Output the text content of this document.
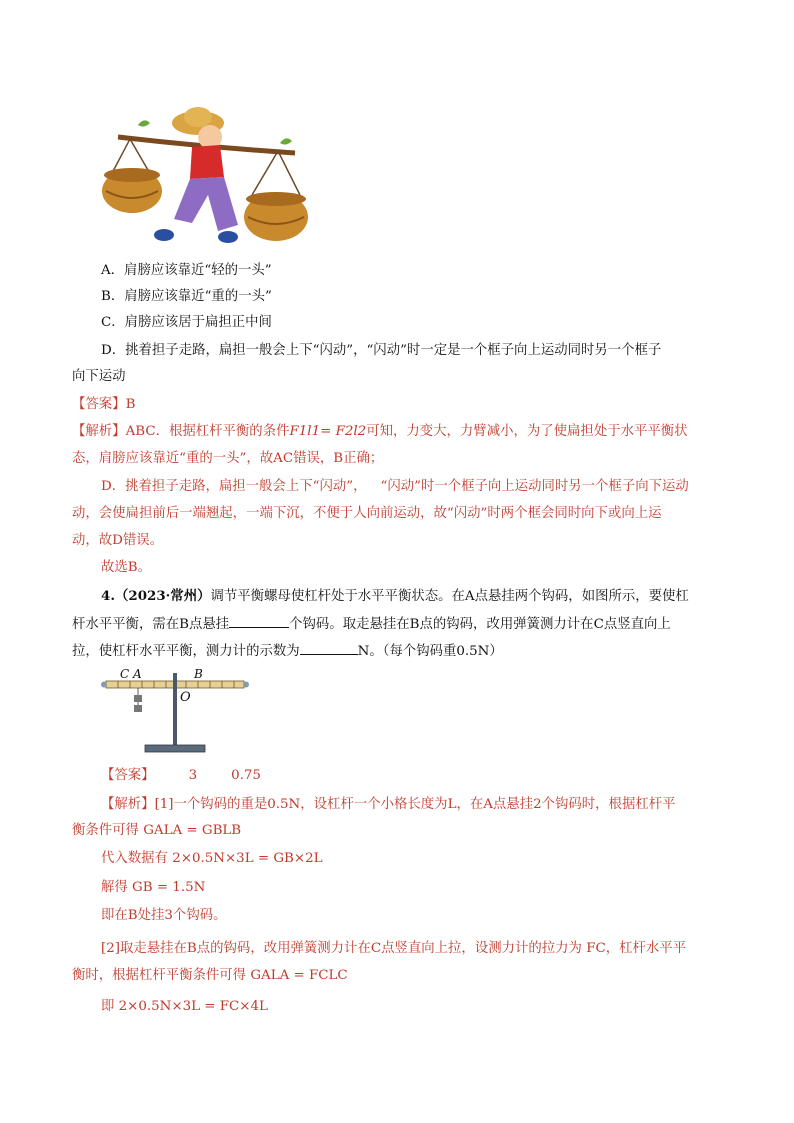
A．肩膀应该靠近“轻的一头”
B．肩膀应该靠近“重的一头”
C．肩膀应该居于扁担正中间
D．挑着担子走路，扁担一般会上下“闪动”，“闪动”时一定是一个框子向上运动同时另一个框子
向下运动
【答案】B
【解析】ABC．根据杠杆平衡的条件F1l1= F2l2可知，力变大，力臂减小，为了使扁担处于水平平衡状
态，肩膀应该靠近“重的一头”，故AC错误，B正确；
D．挑着担子走路，扁担一般会上下“闪动”， “闪动”时一个框子向上运动同时另一个框子向下运动
动，会使扁担前后一端翘起，一端下沉，不便于人向前运动，故“闪动”时两个框会同时向下或向上运
动，故D错误。
故选B。
4.（2023·常州）调节平衡螺母使杠杆处于水平平衡状态。在A点悬挂两个钩码，如图所示，要使杠
杆水平平衡，需在B点悬挂	个钩码。取走悬挂在B点的钩码，改用弹簧测力计在C点竖直向上
拉，使杠杆水平平衡，测力计的示数为	N。（每个钩码重0.5N）
C A	B
O
【答案】	3	0.75
【解析】[1]一个钩码的重是0.5N，设杠杆一个小格长度为L，在A点悬挂2个钩码时，根据杠杆平
衡条件可得 GALA = GBLB
代入数据有 2×0.5N×3L = GB×2L
解得 GB = 1.5N
即在B处挂3个钩码。
[2]取走悬挂在B点的钩码，改用弹簧测力计在C点竖直向上拉，设测力计的拉力为 FC，杠杆水平平
衡时，根据杠杆平衡条件可得 GALA = FCLC
即 2×0.5N×3L = FC×4L
